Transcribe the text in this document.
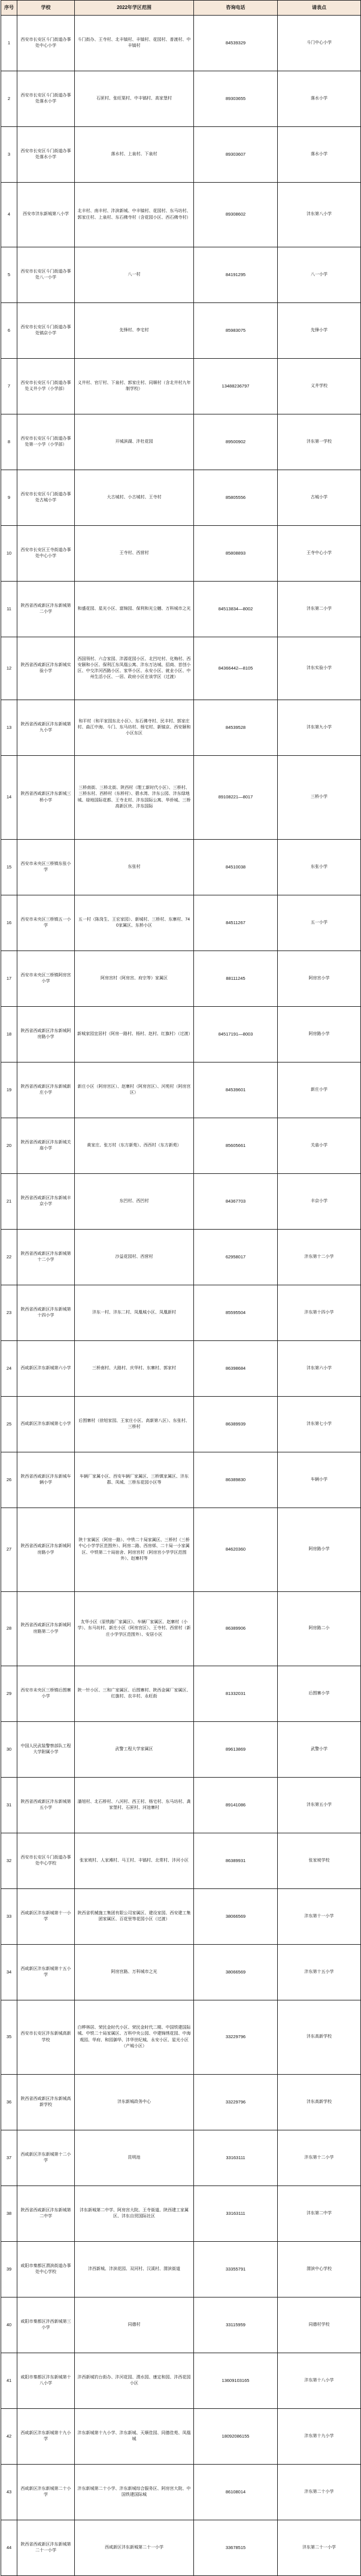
序号	学校	2022年学区范围	咨询电话	请表点
1	西安市长安区斗门街道办事处中心小学	斗门街办、王寺村、北丰镐村、丰镐村、花园村、普渡村、中丰镐村	84539329	斗门中心小学
2	西安市长安区斗门街道办事处落水小学	石匣村、张旺渠村、中丰镐村、高家堡村	89303655	落水小学
3	西安市长安区斗门街道办事处落水小学	落水村、上泉村、下泉村	89303607	落水小学
4	西安市沣东新城第八小学	北丰村、南丰村、沣滨新城、中丰镐村、花园村、东马坊村、郭家庄村、上泉村、东石佛寺村（含花园小区、西石佛寺村）	89308602	沣东第八小学
5	西安市长安区斗门街道办事处八一小学	八一村	84191295	八一小学
6	西安市长安区斗门街道办事处镐京小学	先锋村、李宅村	85983075	先锋小学
7	西安市长安区斗门街道办事处义井小学（小学部）	义井村、官厅村、下泉村、郭家庄村、同顺村（含北井村九年制学校）	13488236797	义井学校
8	西安市长安区斗门街道办事处第一小学（小学部）	开城滨湖、沣杜花园	89500902	沣东第一学校
9	西安市长安区斗门街道办事处古城小学	大古城村、小古城村、王寺村	85805556	古城小学
10	西安市长安区王寺街道办事处中心小学	王寺村、西营村	85808893	王寺中心小学
11	陕西省西咸新区沣东新城第二小学	和盛花园、星光小区、富锦园、保利和光尘樾、万科城市之光	84513834—8002	沣东第二小学
12	陕西省西咸新区沣东新城实验小学	西国领村、六合家园、沣源花园小区、北凹坨村、化梅村、西安颐和小区、保利江东凤凰公寓、沣东万达城、招商、首创小区、中交沣河西路小区、家华小区、永安小区、就业小区、中州生活小区、一居、政府小区在该学区（过渡）	84366442—8105	沣东实验小学
13	陕西省西咸新区沣东新城第九小学	和平村（和平家园东北小区）、东石佛寺村、民丰村、郭家庄村、曲江中海、斗门、东马坊村、杨宅村、新镐京、西安颐和小区东区	84539528	沣东第九小学
14	陕西省西咸新区沣东新城三桥小学	三桥南街、三桥北街、陕西村（理工新时代小区）、三桥村、三桥东村、西桥村（东桥村）、碧水湾、沣东公园、沣东绿地城、绿地国际花都、王寺北村、沣东国际公寓、华侨城、三桥高新区块、沣东国际	89108221—8017	三桥小学
15	西安市未央区三桥镇东张小学	东张村	84510038	东张小学
16	西安市未央区三桥镇五一小学	五一村（陈岗生、王宏家园）、新城村、三桥村、东寨村、740家属区、东桥小区	84511267	五一小学
17	西安市未央区三桥镇阿房宫小学	阿房宫村（阿房宫、府宗等）家属区	88111245	阿房宫小学
18	陕西省西咸新区沣东新城阿房路小学	新城家园宜居村（阿房一路村、杨村、赵村、红旗村）（过渡）	84517191—8003	阿房路小学
19	陕西省西咸新区沣东新城新庄小学	新庄小区（阿房宫区）、赵寨村（阿房宫区）、河苑村（阿房宫区）	84539601	新庄小学
20	陕西省西咸新区沣东新城关庙小学	黄家庄、张万村（东方新苑）、西西村（东方新苑）	85605661	关庙小学
21	陕西省西咸新区沣东新城丰京小学	东凹村、西凹村	84367703	丰京小学
22	陕西省西咸新区沣东新城第十二小学	沙益花园村、西营村	62958017	沣东第十二小学
23	陕西省西咸新区沣东新城第十四小学	沣东一村、沣东二村、凤凰城小区、凤凰新村	85595504	沣东第十四小学
24	西咸新区沣东新城第六小学	三桥南村、大路村、庆华村、东寨村、郭家村	86398684	沣东第六小学
25	西咸新区沣东新城第七小学	后围寨村（徐旭家园、王家庄小区、高新第八区）、东张村、三桥村	86389939	沣东第七小学
26	陕西省西咸新区沣东新城车辆小学	车辆厂家属小区、西安车辆厂家属区、三桥镇家属区、沣东郡、凤城、三桥东花园小区等	86389830	车辆小学
27	陕西省西咸新区沣东新城阿房路小学	陕十家属区（阿房一路）、中铁二十局家属区、三桥村（三桥中心小学学区范围外）、阿房二路、西房邨、二十局一小家属区、中铁第二十局宿舍、阿房宫村（阿房宫小学学区范围外）、赵寨村等	84620360	阿房路小学
28	陕西省西咸新区沣东新城阿房路第二小学	友华小区（原铁路厂家属区）、车辆厂家属区、赵寨村（小学）、东马坊村、新庄小区（阿房宫区）、王寺村、西营村（新庄小学学区范围外）、安居小区	86389906	阿房路二小
29	西安市未央区三桥镇后围寨小学	陕一针小区、三和广家属区、后围寨村、陕西金属厂家属区、红旗村、农丰村、永旺街	81332031	后围寨小学
30	中国人民武装警察部队工程大学附属小学	武警工程大学家属区	89613869	武警小学
31	陕西省西咸新区沣东新城第五小学	潘旭村、北石桥村、八河村、西王村、杨宅村、东马坊村、龚家堡村、石匣村、河池寨村	89141086	沣东第五小学
32	西安市长安区斗门街道办事处中心学校	张家坡村、人家滩村、马王村、丰镐村、北常村、沣河小区	86389931	张家坡学校
33	西咸新区沣东新城第十一小学	陕西省机械施工集团有限公司家属区、建设家园、西安建工集团家属区、百花里等花园小区（过渡）	38066569	沣东第十一小学
34	西咸新区沣东新城第十五小学	阿房宫路、万科城市之光	38066569	沣东第十五小学
35	西安市长安区沣东新城高新学校	白桦林居、荣民金时代小区、荣民金时代二期、中国铁建国际城、中铁二十局家属区、万科中央公园、中建锦绣花园、中海观园、华府、和园御华、沣华世纪城、永安小区、星光小区（产城小区）	33229796	沣东高新学校
36	陕西省西咸新区沣东新城高新学校	沣东新城政务中心	33229796	沣东高新学校
37	西咸新区沣东新城第十二小学	昆明池	33163111	沣东第十二小学
38	陕西省西咸新区沣东新城第二中学	沣东新城第二中学、阿房宫大院、王寺街道、陕西建工家属区、沣东自贸国际社区	33163111	沣东第二中学
39	咸阳市秦都区渭滨街道办事处中心学校	沣西新城、沣滨花园、双河村、汉溪村、渭滨街道	33355791	渭滨中心学校
40	咸阳市秦都区沣西新城第三小学	同德村	33115959	同德村学校
41	咸阳市秦都区沣东新城第十八小学	沣西新城钓台街办、沣河花园、渭水园、康定和园、沣西花园小区	13609103165	沣东第十八小学
42	西咸新区沣东新城第十九小学	沣东新城第十九小学、沣东新城、天顺佳园、同德佳苑、凤凰城	18092086155	沣东第十九小学
43	西咸新区沣东新城第二十小学	沣东新城第二十小学、沣东新城综合服务区、阿房宫大院、中国铁建国际城	86108014	沣东第二十小学
44	陕西省西咸新区沣东新城第二十一小学	西咸新区沣东新城第二十一小学	33678515	沣东第二十一小学
